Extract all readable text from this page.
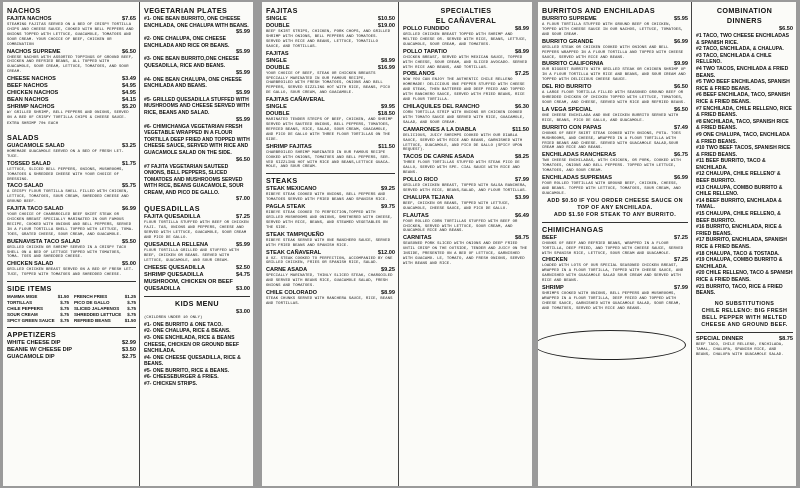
NACHOS
FAJITA NACHOS	$7.65
STEAMING FAJITAS SERVED ON A BED OF CRISPY TORTILLA CHIPS AND CHEESE SAUCE, COOKED WITH BELL PEPPERS AND ONIONS TOPPED WITH LETTUCE, GUACAMOLE, TOMATOES AND SOUR CREAM. YOUR CHOICE OF BEEF, CHICKEN OR COMBINATION
NACHOS SUPREME	$6.50
CHEESE NACHOS WITH ASSORTED TOPPINGS OF GROUND BEEF, CHICKEN AND REFRIED BEANS, ALL TOPPED WITH GUACAMOLE, SOUR CREAM, LETTUCE, TOMATOES, AND SOUR CREAM.
CHEESE NACHOS	$3.49
BEEF NACHOS	$4.95
CHICKEN NACHOS	$4.95
BEAN NACHOS	$4.15
SHRIMP NACHOS	$5.20
W/ GRILLED SHRIMP, BELL PEPPERS AND ONIONS, SERVED ON A BED OF CRISPY TORTILLA CHIPS & CHEESE SAUCE.
EXTRA SHRIMP 70¢ EACH
SALADS
GUACAMOLE SALAD	$3.25
HOMEMADE GUACAMOLE SERVED ON A BED OF FRESH LET- TUCE.
TOSSED SALAD	$1.75
LETTUCE, SLICED BELL PEPPERS, ONIONS, MUSHROOMS, TOMATOES & SHREDDED CHEESE WITH YOUR CHOICE OF DRESSING.
TACO SALAD	$5.75
A CRISPY FLOUR TORTILLA SHELL FILLED WITH CHICKEN, LETTUCE, TOMATOES, SOUR CREAM, SHREDDED CHEESE AND GROUND BEEF.
FAJITA TACO SALAD	$6.99
YOUR CHOICE OF CHARBROILED BEEF SKIRT STEAK OR CHICKEN BREAST SPECIALLY MARINATED IN OUR FAMOUS RECIPE, COOKED WITH ONIONS AND BELL PEPPERS, SERVED IN A FLOUR TORTILLA SHELL TOPPED WITH LETTUCE, TOMA- TOES, GRATED CHEESE, SOUR CREAM, AND GUACAMOLE.
BUENAVISTA TACO SALAD	$5.50
GRILLED CHICKEN OR SHRIMP SERVED IN A CRISPY TACO SHELL ON A BED OF LETTUCE TOPPED WITH TOMATOES, TOMA- TOES AND SHREDDED CHEESE.
CHICKEN SALAD	$5.00
GRILLED CHICKEN BREAST SERVED ON A BED OF FRESH LET- TUCE, TOPPED WITH TOMATOES AND SHREDDED CHEESE.
SIDE ITEMS
MAMMA MIGE	$1.50 FRENCH FRIES	$1.25
TORTILLAS	$.75 PICO DE GALLO	$.75
CHILE PEPPERS	$.75 SLICED JALAPENOS	$.75
SOUR CREAM	$.75 SHREDDED LETTUCE	$.75
SPICY GREEN SAUCE	$.75 REFRIED BEANS	$1.50
APPETIZERS
WHITE CHEESE DIP	$2.99
BEANIE W/ CHEESE DIP	$3.50
GUACAMOLE DIP	$2.75
VEGETARIAN PLATES
#1- ONE BEAN BURRITO, ONE CHEESE ENCHILADA, ONE CHALUPA WITH BEANS.
$5.99
#2- ONE CHALUPA, ONE CHEESE ENCHILADA AND RICE OR BEANS.
$5.99
#3- ONE BEAN BURRITO,ONE CHEESE QUESADILLA, RICE AND BEANS.
$5.99
#4- ONE BEAN CHALUPA, ONE CHEESE ENCHILADA AND BEANS.
$5.99
#5- GRILLED QUESADILLA STUFFED WITH MUSHROOMS AND CHEESE SERVED WITH RICE, BEANS AND SALAD.
$5.99
#6- CHIMICHANGA VEGETARIAN FRESH VEGETABLE WRAPPED IN A FLOUR TORTILLA DEEP FRIED AND TOPPED WITH CHEESE SAUCE, SERVED WITH RICE AND GUACAMOLE SALAD ON THE SIDE.
$6.50
#7 FAJITA VEGETARIAN SAUTEED ONIONS, BELL PEPPERS, SLICED TOMATOES AND MUSHROOMS SERVED WITH RICE, BEANS GUACAMOLE, SOUR CREAM, AND PICO DE GALLO.
$7.00
QUESADILLAS
FAJITA QUESADILLA	$7.25
FLOUR TORTILLA STUFFED WITH BEEF OR CHICKEN FAJI- TAS, ONIONS AND PEPPERS, CHEESE AND SERVED WITH LETTUCE, GUACAMOLE, SOUR CREAM AND PICO DE GALLO.
QUESADILLA RELLENA	$5.99
FLOUR TORTILLA GRILLED AND STUFFED WITH BEEF, CHICKEN OR BEANS. SERVED WITH LETTUCE, GUACAMOLE, AND SOUR CREAM.
CHEESE QUESADILLA	$2.50
SHRIMP QUESADILLA	$4.75
MUSHROOM, CHICKEN OR BEEF
QUESADILLA	$3.00
KIDS MENU
$3.00
(CHILDREN UNDER 10 ONLY)
#1- ONE BURRITO & ONE TACO.
#2- ONE CHALUPA, RICE & BEANS.
#3- ONE ENCHILADA, RICE & BEANS CHEESE, CHICKEN OR GROUND BEEF ENCHILADA.
#4- ONE CHEESE QUESADILLA, RICE & BEANS.
#5- ONE BURRITO, RICE & BEANS.
#6- CHEESEBURGER & FRIES.
#7- CHICKEN STRIPS.
FAJITAS
SINGLE	$10.50
DOUBLE	$19.00
BEEF SKIRT STRIPS, CHICKEN, PORK CHOPS, AND GRILLED SHRIMP WITH ONIONS, BELL PEPPERS AND TOMATOES. SERVED WITH RICE AND BEANS, LETTUCE, TOMATILLO SAUCE, AND TORTILLAS.
FAJITAS
SINGLE	$8.99
DOUBLE	$16.99
YOUR CHOICE OF BEEF, STEAK OR CHICKEN BREASTS SPECIALLY MARINATED IN OUR FAMOUS RECIPE, CHARBROILED WITH FRESH TOMATOES, ONIONS AND BELL PEPPERS, SERVED SIZZLING HOT WITH RICE, BEANS, PICO DE GALLO, SOUR CREAM, AND GUACAMOLE.
FAJITAS CAÑAVERAL
SINGLE	$9.95
DOUBLE	$18.50
MARINATED TENDER STRIPS OF BEEF, CHICKEN, AND SHRIMP SERVED WITH SAUTEED ONIONS, BELL PEPPERS, TOMATOES, REFRIED BEANS, RICE, SALAD, SOUR CREAM, GUACAMOLE, AND PICO DE GALLO WITH THREE FLOUR TORTILLAS ON THE SIDE.
SHRIMP FAJITAS	$11.50
CHARBROILED SHRIMP MARINATED IN OUR FAMOUS RECIPE COOKED WITH ONIONS, TOMATOES AND BELL PEPPERS, SER- VED SIZZLING HOT WITH RICE AND BEANS,LETTUCE GUACA- MOLE, AND SOUR CREAM.
STEAKS
STEAK MEXICANO	$9.25
RIBEYE STEAK COOKED WITH ONIONS, BELL PEPPERS AND TOMATOES SERVED WITH FRIED BEANS AND SPANISH RICE.
PAGLA STEAK	$9.75
RIBEYE STEAK COOKED TO PERFECTION,TOPPED WITH GRILLED MUSHROOMS AND ONIONS, SMOTHERED WITH CHEESE, SERVED WITH RICE, BEANS, AND STEAMED VEGETABLES ON THE SIDE.
STEAK TAMPIQUEÑO
RIBEYE STEAK SERVED WITH ONE RANCHERO SAUCE, SERVED WITH FRIED BEANS AND SPANISH RICE.
STEAK CAÑAVERAL	$12.00
8 OZ. STEAK COOKED TO PERFECTION, ACCOMPANIED BY ONE GRILLED CHICKEN, FRIES OR SPANISH RICE, SALAD.
CARNE ASADA	$9.25
SPECIALLY MARINATED, THINLY SLICED STEAK, CHARGOILED AND SERVED WITH BEANS RICE, GUACAMOLE SALAD, FRESH ONIONS AND TOMATOES.
CHILE COLORADO	$8.99
STEAK CHUNKS SERVED WITH RANCHERA SAUCE, RICE, BEANS AND TORTILLAS.
SPECIALTIES
EL CAÑAVERAL
POLLO FUNDIDO	$8.99
GRILLED CHICKEN BREAST TOPPED WITH SHRIMP AND MELTED CHEESE OR. SERVED WITH RICE, BEANS, LETTUCE, GUACAMOLE, SOUR CREAM, AND TOMATOES.
POLLO TAPATIO	$8.99
CHICKEN BREAST, SERVED WITH MEXICAN SAUCE, TOPPED WITH CHEESE, SOUR CREAM, AND SLICED AVOCADO. SERVED WITH RICE AND BEANS, AND TORTILLAS.
POBLANOS	$7.25
NOW YOU CAN ENJOY THE AUTHENTIC CHILE RELLENO HOMEMADE! DELICIOUS ONE PEPPER STUFFED WITH CHEESE AND STEAK, THEN BATTERED AND DEEP FRIED AND TOPPED WITH RANCHERO SAUCE, SERVED WITH FRIED BEANS, RICE AND FLOUR TORTILLA.
CHILAQUILES DEL RANCHO	$6.30
CORN TORTILLA STRIP WITH ONIONS OR CHICKEN COOKED WITH TOMATO SAUCE AND SERVED WITH RICE, GUACAMOLE, SALAD, AND SOUR CREAM.
CAMARONES A LA DIABLA	$11.50
DELICIOUS, JUICY SHRIMPS COOKED WITH OUR DIABLA SAUCE, SERVED WITH RICE AND BEANS, GARNISHED WITH LETTUCE, GUACAMOLE, AND PICO DE GALLO (SPICY UPON REQUEST).
TACOS DE CARNE ASADA	$8.25
THREE FLOUR TORTILLAS STUFFED WITH STEAK PICO DE GALLO, SERVED WITH SPE- CIAL SAUCE WITH RICE AND BEANS.
POLLO RICO	$7.99
GRILLED CHICKEN BREAST, TOPPED WITH SALSA RANCHERA, SERVED WITH RICE, BEANS,SALAD, AND FLOUR TORTILLAS.
CHALUPA TEJANA	$3.99
BEEF, CHICKEN OR BEANS, TOPPED WITH LETTUCE, GUACAMOLE, CHEESE SAUCE, AND PICO DE GALLO.
FLAUTAS	$6.49
FOUR ROLLED CORN TORTILLAS STUFFED WITH BEEF OR CHICKEN, SERVED WITH LETTUCE, SOUR CREAM, AND GUACAMOLE RICE AND BEANS.
CARNITAS	$8.75
SEASONED PORK SLICED WITH ONIONS AND DEEP FRIED UNTIL CRISP ON THE OUTSIDE, TENDER AND JUICY ON THE INSIDE, PRESENTED ON A BED OF LETTUCE, GARNISHED WITH GUACAMO- LE, TOMATO, AND FRESH ONIONS, SERVED WITH BEANS AND RICE.
BURRITOS AND ENCHILADAS
BURRITO SUPREME	$5.95
A FLOUR TORTILLA STUFFED WITH GROUND BEEF OR CHICKEN, TOPPED WITH CHEESE SAUCE IN OUR NACHOS, LETTUCE, TOMATOES, AND SOUR CREAM.
BURRITO GRANDE	$6.99
GRILLED STEAK OR CHICKEN COOKED WITH ONIONS AND BELL PEPPERS WRAPPED IN A FLOUR TORTILLA AND TOPPED WITH CHEESE SAUCE, SERVED WITH RICE AND BEANS.
BURRITO CALIFORNIA	$9.99
OUR BIGGEST BURRITO WITH GRILLED STEAK OR CHICKEN SHRIMP UP IN A FLOUR TORTILLA WITH RICE AND BEANS, AND SOUR CREAM AND TOPPED WITH DELICIOUS CHEESE SAUCE.
DEL RIO BURRITO	$6.50
A LARGE FLOUR TORTILLA FILLED WITH SEASONED GROUND BEEF OR SHREDDED CHICKEN OF CHICKEN TOPPED WITH LETTUCE, TOMATOES, SOUR CREAM, AND CHEESE, SERVED WITH RICE AND REFRIED BEANS.
LA VEGA SPECIAL	$6.50
ONE CHEESE ENCHILADA AND ONE CHICKEN BURRITO SERVED WITH RICE, BEANS, PICO DE GALLO, AND GUACAMOLE.
BURRITO CON PAPAS	$7.49
CHUNKS OF BEEF SKIRT STEAK COOKED WITH ONIONS, POTA- TOES MUSHROOMS, AND CHEESE, WRAPPED IN A FLOUR TORTILLA WITH FRIED BEANS AND CHEESE. SERVED WITH GUACAMOLE SALAD,SOUR CREAM AND RICE AND BEANS.
ENCHILADAS RANCHERAS	$6.75
TWO CHEESE ENCHILADAS, WITH CHICKEN, OR PORK, COOKED WITH TOMATOES, ONIONS AND BELL PEPPERS. TOPPED WITH LETTUCE, TOMATOES, AND SOUR CREAM.
ENCHILADAS SUPREMAS	$6.99
FOUR ROLLED TORTILLAS WITH GROUND BEEF, CHICKEN, CHEESE, AND BEANS. TOPPED WITH LETTUCE, TOMATOES, SOUR CREAM, AND GUACAMOLE.
ADD $0.50 IF YOU ORDER CHEESE SAUCE ON TOP OF ANY ENCHILADA.
ADD $1.50 FOR STEAK TO ANY BURRITO.
CHIMICHANGAS
BEEF	$7.25
CHUNKS OF BEEF AND REFRIED BEANS, WRAPPED IN A FLOUR TORTILLA, DEEP FRIED, AND TOPPED WITH CHEESE SAUCE, SERVED WITH SPANISH RICE, LETTUCE, SOUR CREAM AND GUACAMOLE.
CHICKEN	$7.25
LOADED WITH LOTS OF OUR SPECIAL SEASONED CHICKEN BREAST, WRAPPED IN A FLOUR TORTILLA, TOPPED WITH CHEESE SAUCE, AND GARNISHED WITH GUACAMOLE SALAD SOUR CREAM AND SERVED WITH RICE AND BEANS.
SHRIMP	$7.99
SHRIMPS COOKED WITH ONIONS, BELL PEPPERS AND MUSHROOMS, WRAPPED IN A FLOUR TORTILLA, DEEP FRIED AND TOPPED WITH CHEESE SAUCE, GARNISHED WITH GUACAMOLE SALAD, SOUR CREAM, AND TOMATOES, SERVED WITH RICE AND BEANS.
COMBINATION
DINNERS
$6.50
#1 TACO, TWO CHEESE ENCHILADAS & SPANISH RICE.
#2 TACO, ENCHILADA, & CHALUPA.
#3 TACO, ENCHILADA & CHILE RELLENO.
#4 TWO TACOS, ENCHILADA & FRIED BEANS.
#5 TWO BEEF ENCHILADAS, SPANISH RICE & FRIED BEANS.
#6 BEEF ENCHILADA, TACO, SPANISH RICE & FRIED BEANS.
#7 ENCHILADA, CHILE RELLENO, RICE & FRIED BEANS.
#8 ENCHILADA, TACO, SPANISH RICE & FRIED BEANS.
#9 ONE CHALUPA, TACO, ENCHILADA & FRIED BEANS.
#10 TWO BEEF TACOS, SPANISH RICE & FRIED BEANS.
#11 BEEF BURRITO, TACO & ENCHILADA.
#12 CHALUPA, CHILE RELLENO' & BEEF BURRITO.
#13 CHALUPA, COMBO BURRITO & CHILE RELLENO.
#14 BEEF BURRITO, ENCHILADA & TAMAL.
#15 CHALUPA, CHILE RELLENO, & BEEF BURRITO.
#16 BURRITO, ENCHILADA, RICE & FRIED BEANS.
#17 BURRITO, ENCHILADA, SPANISH RICE & FRIED BEANS.
#18 CHALUPA, TACO & TOSTADA.
#19 CHALUPA, COMBO BURRITO & ENCHILADA.
#20 CHILE RELLENO, TACO & SPANISH RICE & FRIED BEANS.
#21 BURRITO, TACO, RICE & FRIED BEANS.
NO SUBSTITUTIONS
CHILE RELLENO: BIG FRESH BELL PEPPER WITH MELTED CHEESE AND GROUND BEEF.
SPECIAL DINNER	$8.75
BEEF TACO, CHILE RELLENO, ENCHILADA, TAMAL, CHALUPA, SPANISH RICE, AND BEANS, CHALUPA WITH GUACAMOLE SALAD.
